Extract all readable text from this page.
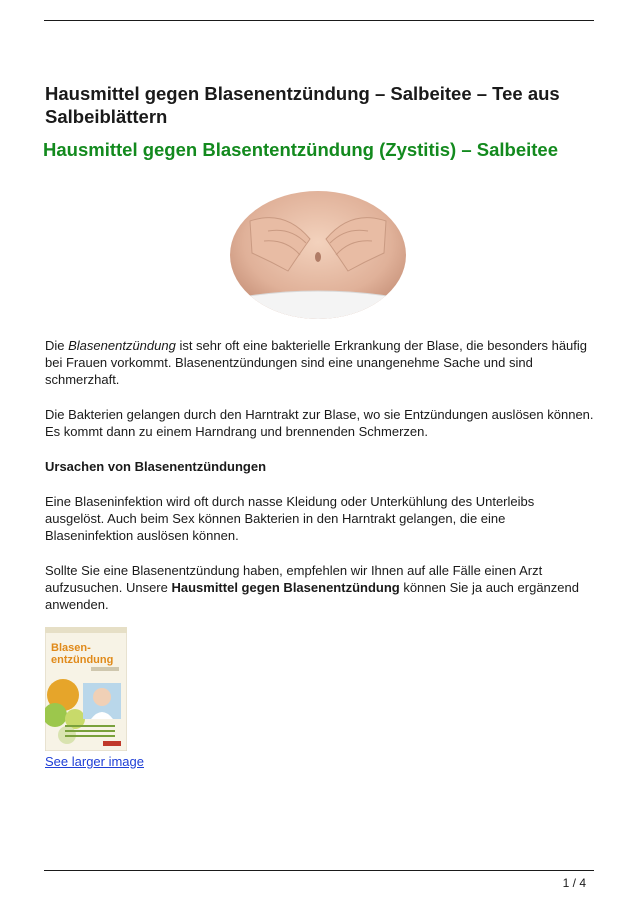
Hausmittel gegen Blasenentzündung – Salbeitee – Tee aus Salbeiblättern
Hausmittel gegen Blasententzündung (Zystitis) – Salbeitee

Die Blasenentzündung ist sehr oft eine bakterielle Erkrankung der Blase, die besonders häufig bei Frauen vorkommt. Blasenentzündungen sind eine unangenehme Sache und sind schmerzhaft.

Die Bakterien gelangen durch den Harntrakt zur Blase, wo sie Entzündungen auslösen können. Es kommt dann zu einem Harndrang und brennenden Schmerzen.

Ursachen von Blasenentzündungen

Eine Blaseninfektion wird oft durch nasse Kleidung oder Unterkühlung des Unterleibs ausgelöst. Auch beim Sex können Bakterien in den Harntrakt gelangen, die eine Blaseninfektion auslösen können.

Sollte Sie eine Blasenentzündung haben, empfehlen wir Ihnen auf alle Fälle einen Arzt aufzusuchen. Unsere Hausmittel gegen Blasenentzündung können Sie ja auch ergänzend anwenden.

Blasen-
entzündung
See larger image
1 / 4
